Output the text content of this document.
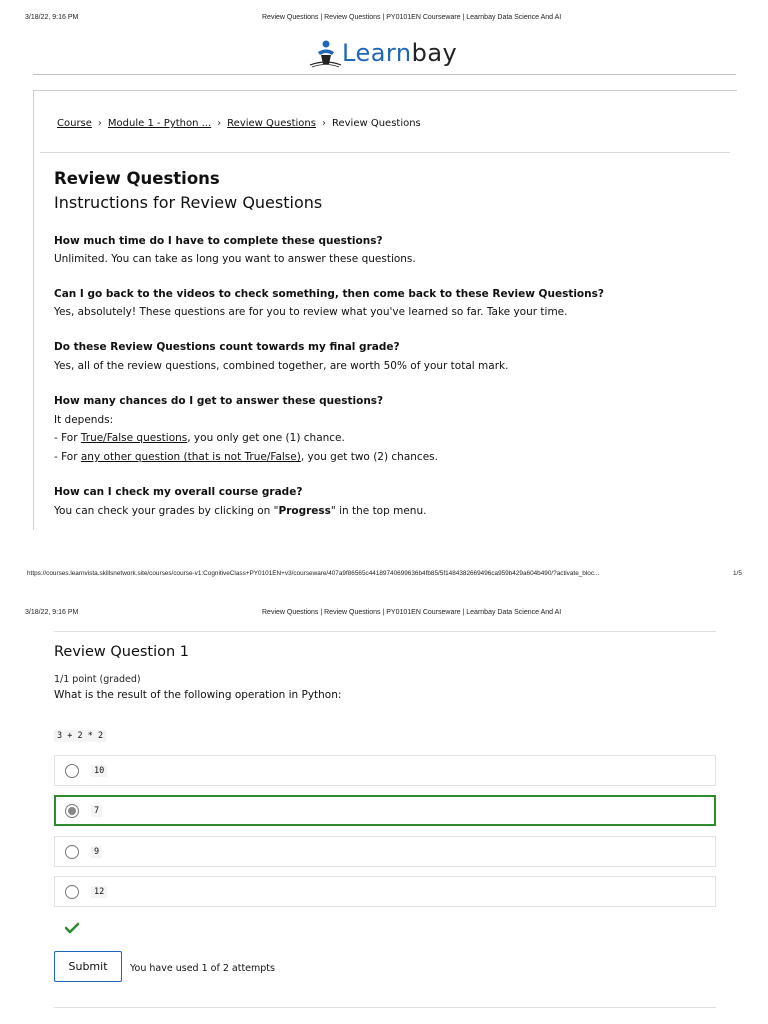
3/18/22, 9:16 PM	Review Questions | Review Questions | PY0101EN Courseware | Learnbay Data Science And AI
Learnbay
Course › Module 1 - Python ... › Review Questions › Review Questions
Review Questions
Instructions for Review Questions
How much time do I have to complete these questions?
Unlimited. You can take as long you want to answer these questions.
Can I go back to the videos to check something, then come back to these Review Questions?
Yes, absolutely! These questions are for you to review what you've learned so far. Take your time.
Do these Review Questions count towards my final grade?
Yes, all of the review questions, combined together, are worth 50% of your total mark.
How many chances do I get to answer these questions?
It depends:
- For True/False questions, you only get one (1) chance.
- For any other question (that is not True/False), you get two (2) chances.
How can I check my overall course grade?
You can check your grades by clicking on "Progress" in the top menu.
https://courses.learnvista.skillsnetwork.site/courses/course-v1:CognitiveClass+PY0101EN+v3/courseware/407a9f86565c44189740699636b4fb85/5f1484382669496ca959b429a604b490/?activate_bloc...	1/5
3/18/22, 9:16 PM	Review Questions | Review Questions | PY0101EN Courseware | Learnbay Data Science And AI
Review Question 1
1/1 point (graded)
What is the result of the following operation in Python:
3 + 2 * 2
10
7
9
12
Submit	You have used 1 of 2 attempts
